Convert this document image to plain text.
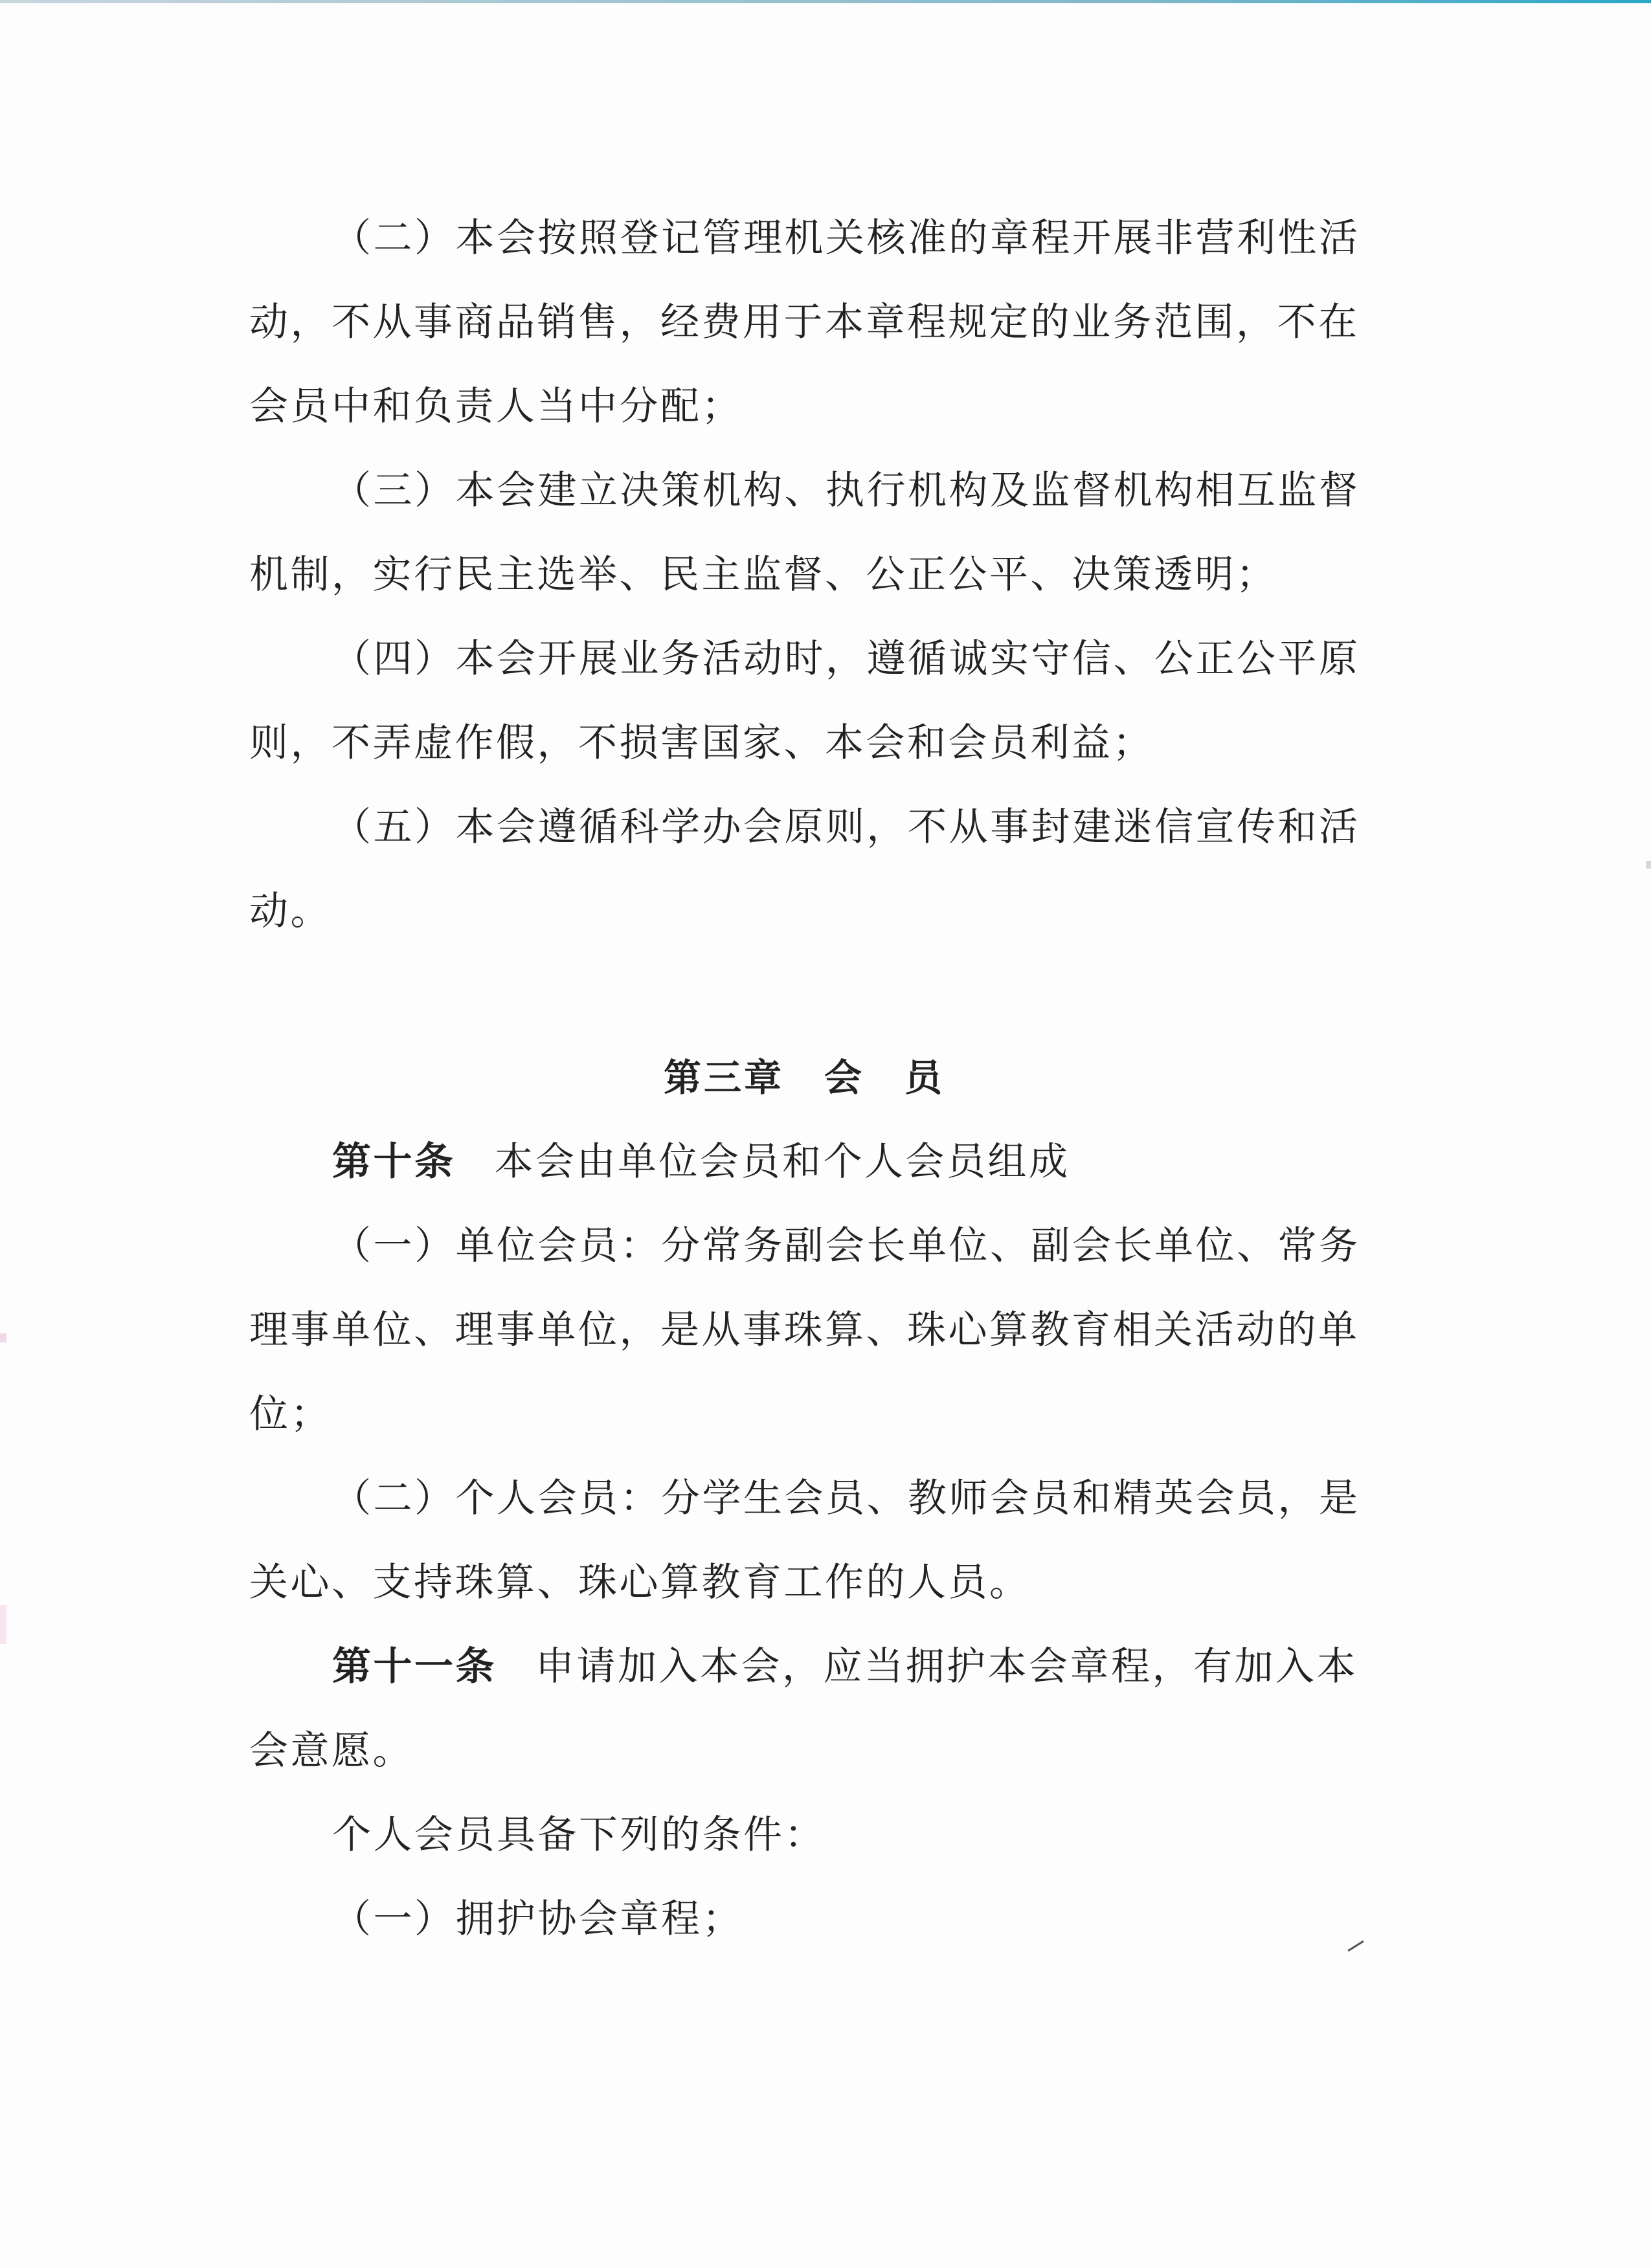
（二）本会按照登记管理机关核准的章程开展非营利性活
动，不从事商品销售，经费用于本章程规定的业务范围，不在
会员中和负责人当中分配；
（三）本会建立决策机构、执行机构及监督机构相互监督
机制，实行民主选举、民主监督、公正公平、决策透明；
（四）本会开展业务活动时，遵循诚实守信、公正公平原
则，不弄虚作假，不损害国家、本会和会员利益；
（五）本会遵循科学办会原则，不从事封建迷信宣传和活
动。
第三章　会　员
第十条 本会由单位会员和个人会员组成
（一）单位会员：分常务副会长单位、副会长单位、常务
理事单位、理事单位，是从事珠算、珠心算教育相关活动的单
位；
（二）个人会员：分学生会员、教师会员和精英会员，是
关心、支持珠算、珠心算教育工作的人员。
第十一条 申请加入本会，应当拥护本会章程，有加入本
会意愿。
个人会员具备下列的条件：
（一）拥护协会章程；
